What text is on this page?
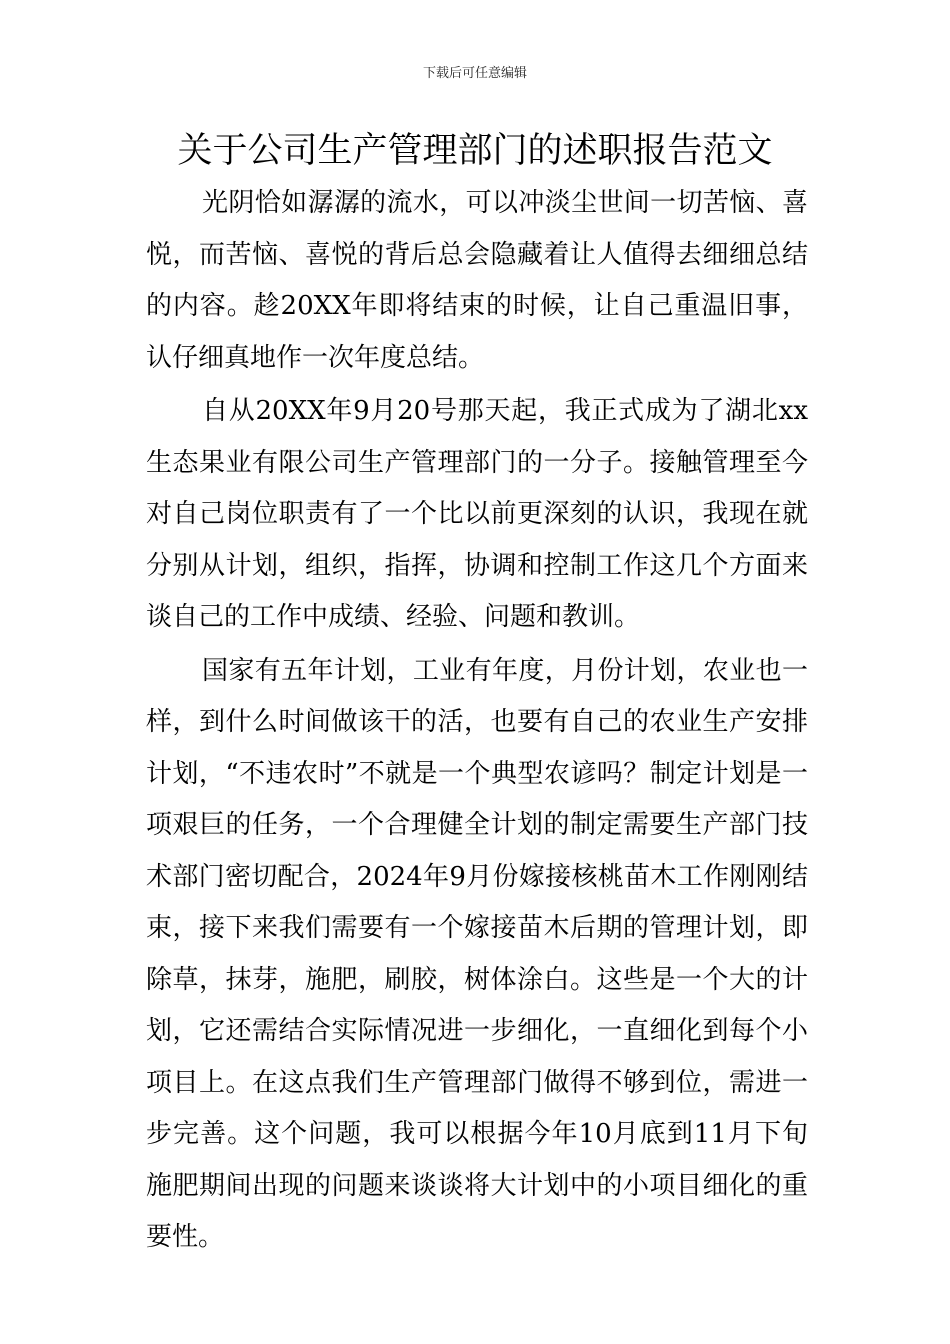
下载后可任意编辑
关于公司生产管理部门的述职报告范文

光阴恰如潺潺的流水，可以冲淡尘世间一切苦恼、喜悦，而苦恼、喜悦的背后总会隐藏着让人值得去细细总结的内容。趁20XX年即将结束的时候，让自己重温旧事，认仔细真地作一次年度总结。

自从20XX年9月20号那天起，我正式成为了湖北xx生态果业有限公司生产管理部门的一分子。接触管理至今对自己岗位职责有了一个比以前更深刻的认识，我现在就分别从计划，组织，指挥，协调和控制工作这几个方面来谈自己的工作中成绩、经验、问题和教训。

国家有五年计划，工业有年度，月份计划，农业也一样，到什么时间做该干的活，也要有自己的农业生产安排计划，“不违农时”不就是一个典型农谚吗？制定计划是一项艰巨的任务，一个合理健全计划的制定需要生产部门技术部门密切配合，2024年9月份嫁接核桃苗木工作刚刚结束，接下来我们需要有一个嫁接苗木后期的管理计划，即除草，抹芽，施肥，刷胶，树体涂白。这些是一个大的计划，它还需结合实际情况进一步细化，一直细化到每个小项目上。在这点我们生产管理部门做得不够到位，需进一步完善。这个问题，我可以根据今年10月底到11月下旬施肥期间出现的问题来谈谈将大计划中的小项目细化的重要性。
